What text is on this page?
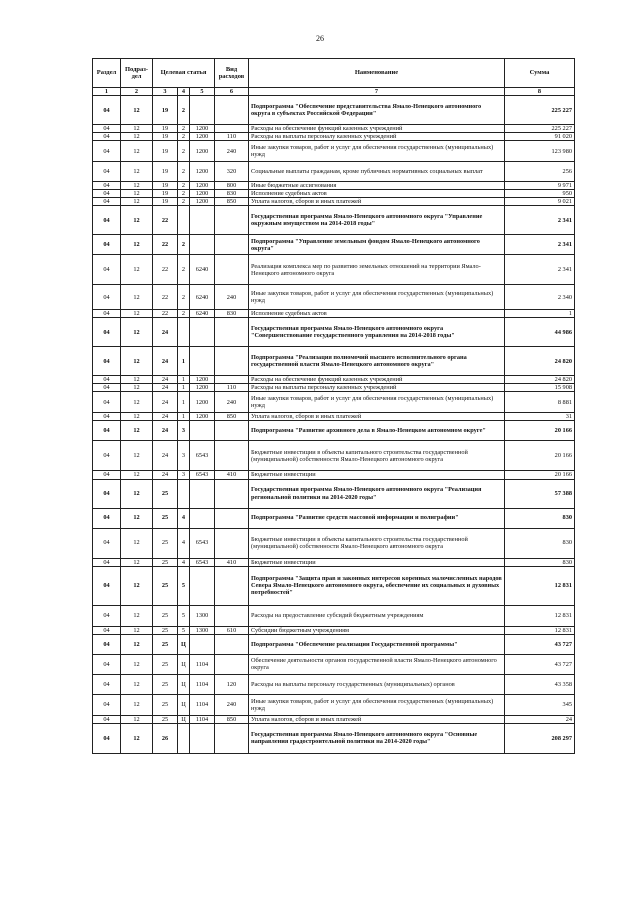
26
Раздел	Подраз-дел	Целевая статья			Вид расходов	Наименование	Сумма
1	2	3	4	5	6	7	8
04	12	19	2			Подпрограмма "Обеспечение представительства Ямало-Ненецкого автономного округа в субъектах Российской Федерации"	225 227
04	12	19	2	1200		Расходы на обеспечение функций казенных учреждений	225 227
04	12	19	2	1200	110	Расходы на выплаты персоналу казенных учреждений	91 020
04	12	19	2	1200	240	Иные закупки товаров, работ и услуг для обеспечения государственных (муниципальных) нужд	123 980
04	12	19	2	1200	320	Социальные выплаты гражданам, кроме публичных нормативных социальных выплат	256
04	12	19	2	1200	800	Иные бюджетные ассигнования	9 971
04	12	19	2	1200	830	Исполнение судебных актов	950
04	12	19	2	1200	850	Уплата налогов, сборов и иных платежей	9 021
04	12	22				Государственная программа Ямало-Ненецкого автономного округа "Управление окружным имуществом на 2014-2018 годы"	2 341
04	12	22	2			Подпрограмма "Управление земельным фондом Ямало-Ненецкого автономного округа"	2 341
04	12	22	2	6240		Реализация комплекса мер по развитию земельных отношений на территории Ямало-Ненецкого автономного округа	2 341
04	12	22	2	6240	240	Иные закупки товаров, работ и услуг для обеспечения государственных (муниципальных) нужд	2 340
04	12	22	2	6240	830	Исполнение судебных актов	1
04	12	24				Государственная программа Ямало-Ненецкого автономного округа "Совершенствование государственного управления на 2014-2018 годы"	44 986
04	12	24	1			Подпрограмма "Реализация полномочий высшего исполнительного органа государственной власти Ямало-Ненецкого автономного округа"	24 820
04	12	24	1	1200		Расходы на обеспечение функций казенных учреждений	24 820
04	12	24	1	1200	110	Расходы на выплаты персоналу казенных учреждений	15 908
04	12	24	1	1200	240	Иные закупки товаров, работ и услуг для обеспечения государственных (муниципальных) нужд	8 881
04	12	24	1	1200	850	Уплата налогов, сборов и иных платежей	31
04	12	24	3			Подпрограмма "Развитие архивного дела в Ямало-Ненецком автономном округе"	20 166
04	12	24	3	6543		Бюджетные инвестиции в объекты капитального строительства государственной (муниципальной) собственности Ямало-Ненецкого автономного округа	20 166
04	12	24	3	6543	410	Бюджетные инвестиции	20 166
04	12	25				Государственная программа Ямало-Ненецкого автономного округа "Реализация региональной политики на 2014-2020 годы"	57 388
04	12	25	4			Подпрограмма "Развитие средств массовой информации и полиграфии"	830
04	12	25	4	6543		Бюджетные инвестиции в объекты капитального строительства государственной (муниципальной) собственности Ямало-Ненецкого автономного округа	830
04	12	25	4	6543	410	Бюджетные инвестиции	830
04	12	25	5			Подпрограмма "Защита прав и законных интересов коренных малочисленных народов Севера Ямало-Ненецкого автономного округа, обеспечение их социальных и духовных потребностей"	12 831
04	12	25	5	1300		Расходы на предоставление субсидий бюджетным учреждениям	12 831
04	12	25	5	1300	610	Субсидии бюджетным учреждениям	12 831
04	12	25	Ц			Подпрограмма "Обеспечение реализации Государственной программы"	43 727
04	12	25	Ц	1104		Обеспечение деятельности органов государственной власти Ямало-Ненецкого автономного округа	43 727
04	12	25	Ц	1104	120	Расходы на выплаты персоналу государственных (муниципальных) органов	43 358
04	12	25	Ц	1104	240	Иные закупки товаров, работ и услуг для обеспечения государственных (муниципальных) нужд	345
04	12	25	Ц	1104	850	Уплата налогов, сборов и иных платежей	24
04	12	26				Государственная программа Ямало-Ненецкого автономного округа "Основные направления градостроительной политики на 2014-2020 годы"	208 297
